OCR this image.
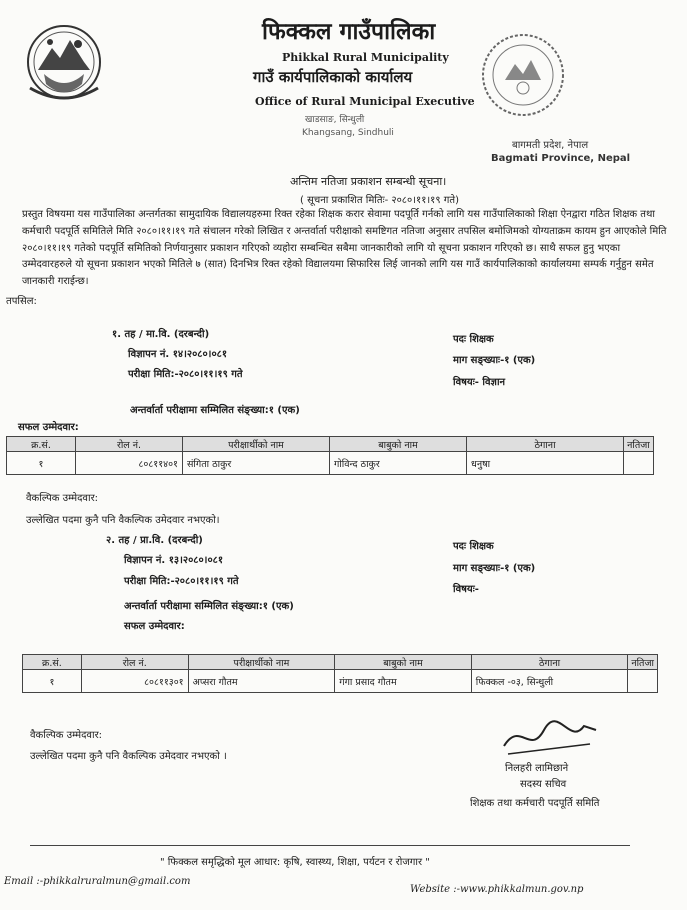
फिक्कल गाउँपालिका
Phikkal Rural Municipality
गाउँ कार्यपालिकाको कार्यालय
Office of Rural Municipal Executive
खाडसाङ, सिन्धुली
Khangsang, Sindhuli
बागमती प्रदेश, नेपाल
Bagmati Province, Nepal
अन्तिम नतिजा प्रकाशन सम्बन्धी सूचना।
( सूचना प्रकाशित मितिः- २०८०।११।१९ गते)
प्रस्तुत विषयमा यस गाउँपालिका अन्तर्गतका सामुदायिक विद्यालयहरुमा रिक्त रहेका शिक्षक करार सेवामा पदपूर्ति गर्नको लागि यस गाउँपालिकाको शिक्षा ऐनद्वारा गठित शिक्षक तथा कर्मचारी पदपूर्ति समितिले मिति २०८०।११।१९ गते संचालन गरेको लिखित र अन्तर्वार्ता परीक्षाको समष्टिगत नतिजा अनुसार तपसिल बमोजिमको योग्यताक्रम कायम हुन आएकोले मिति २०८०।११।१९ गतेको पदपूर्ति समितिको निर्णयानुसार प्रकाशन गरिएको व्यहोरा सम्बन्धित सबैमा जानकारीको लागि यो सूचना प्रकाशन गरिएको छ। साथै सफल हुनु भएका उम्मेदवारहरुले यो सूचना प्रकाशन भएको मितिले ७ (सात) दिनभित्र रिक्त रहेको विद्यालयमा सिफारिस लिई जानको लागि यस गाउँ कार्यपालिकाको कार्यालयमा सम्पर्क गर्नुहुन समेत जानकारी गराईन्छ।
तपसिल:
१. तह / मा.वि. (दरबन्दी)
विज्ञापन नं. १४।२०८०।०८१
परीक्षा मिति:-२०८०।११।१९ गते
अन्तर्वार्ता परीक्षामा सम्मिलित संङ्ख्या:१ (एक)
पदः शिक्षक
माग सङ्ख्याः-१ (एक)
विषयः- विज्ञान
सफल उम्मेदवार:
क्र.सं.	रोल नं.	परीक्षार्थीको नाम	बाबुको नाम	ठेगाना	नतिजा
१	८०८११४०१	संगिता ठाकुर	गोविन्द ठाकुर	धनुषा	
वैकल्पिक उम्मेदवार:
उल्लेखित पदमा कुनै पनि वैकल्पिक उमेदवार नभएको।
२. तह / प्रा.वि. (दरबन्दी)
विज्ञापन नं. १३।२०८०।०८१
परीक्षा मिति:-२०८०।११।१९ गते
अन्तर्वार्ता परीक्षामा सम्मिलित संङ्ख्या:१ (एक)
पदः शिक्षक
माग सङ्ख्याः-१ (एक)
विषयः-
सफल उम्मेदवार:
क्र.सं.	रोल नं.	परीक्षार्थीको नाम	बाबुको नाम	ठेगाना	नतिजा
१	८०८११३०१	अप्सरा गौतम	गंगा प्रसाद गौतम	फिक्कल -०३, सिन्धुली	
वैकल्पिक उम्मेदवार:
उल्लेखित पदमा कुनै पनि वैकल्पिक उमेदवार नभएको ।
निलहरी लामिछाने
सदस्य सचिव
शिक्षक तथा कर्मचारी पदपूर्ति समिति
" फिक्कल समृद्धिको मूल आधार: कृषि, स्वास्थ्य, शिक्षा, पर्यटन र रोजगार "
Email :-phikkalruralmun@gmail.com
Website :-www.phikkalmun.gov.np
